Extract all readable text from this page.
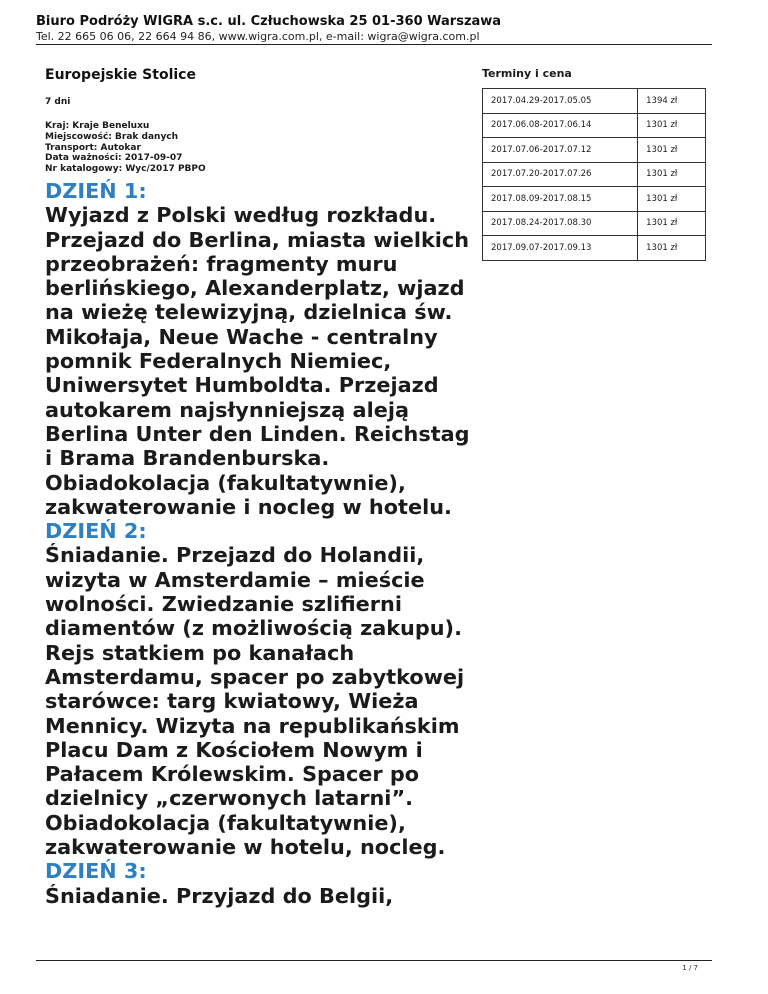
Biuro Podróży WIGRA s.c. ul. Człuchowska 25 01-360 Warszawa
Tel. 22 665 06 06, 22 664 94 86, www.wigra.com.pl, e-mail: wigra@wigra.com.pl
Europejskie Stolice
7 dni
Kraj: Kraje Beneluxu
Miejscowość: Brak danych
Transport: Autokar
Data ważności: 2017-09-07
Nr katalogowy: Wyc/2017 PBPO
DZIEŃ 1:
Wyjazd z Polski według rozkładu. Przejazd do Berlina, miasta wielkich przeobrażeń: fragmenty muru berlińskiego, Alexanderplatz, wjazd na wieżę telewizyjną, dzielnica św. Mikołaja, Neue Wache - centralny pomnik Federalnych Niemiec, Uniwersytet Humboldta. Przejazd autokarem najsłynniejszą aleją Berlina Unter den Linden. Reichstag i Brama Brandenburska. Obiadokolacja (fakultatywnie), zakwaterowanie i nocleg w hotelu.
DZIEŃ 2:
Śniadanie. Przejazd do Holandii, wizyta w Amsterdamie – mieście wolności. Zwiedzanie szlifierni diamentów (z możliwością zakupu). Rejs statkiem po kanałach Amsterdamu, spacer po zabytkowej starówce: targ kwiatowy, Wieża Mennicy. Wizyta na republikańskim Placu Dam z Kościołem Nowym i Pałacem Królewskim. Spacer po dzielnicy „czerwonych latarni”. Obiadokolacja (fakultatywnie), zakwaterowanie w hotelu, nocleg.
DZIEŃ 3:
Śniadanie. Przyjazd do Belgii,
Terminy i cena
2017.04.29-2017.05.05	1394 zł
2017.06.08-2017.06.14	1301 zł
2017.07.06-2017.07.12	1301 zł
2017.07.20-2017.07.26	1301 zł
2017.08.09-2017.08.15	1301 zł
2017.08.24-2017.08.30	1301 zł
2017.09.07-2017.09.13	1301 zł
1 / 7
